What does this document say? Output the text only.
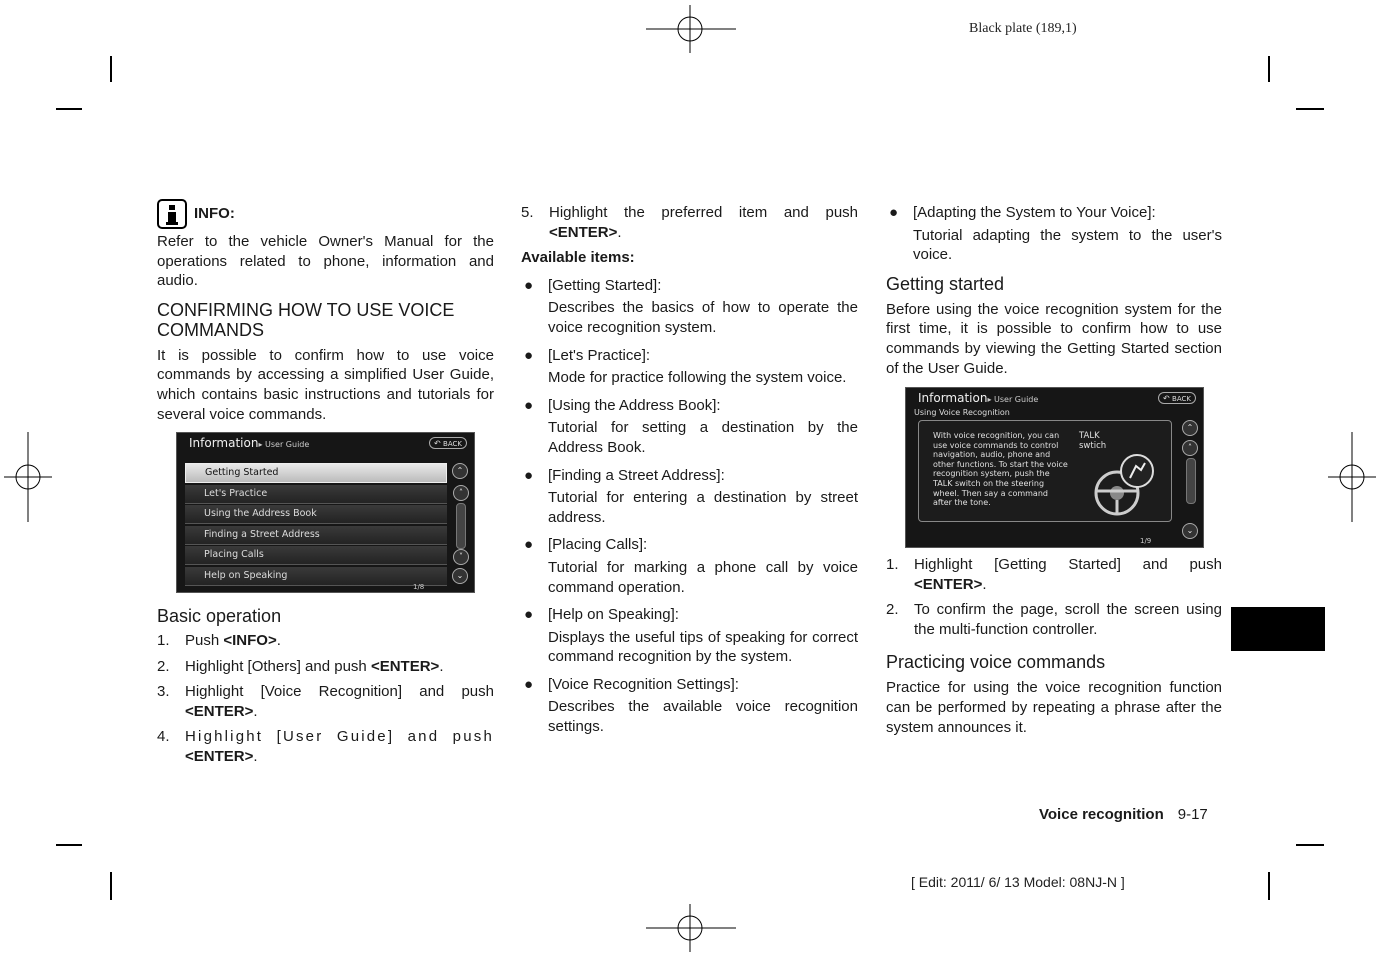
Black plate (189,1)
INFO:

Refer to the vehicle Owner's Manual for the operations related to phone, information and audio.

CONFIRMING HOW TO USE VOICE
COMMANDS

It is possible to confirm how to use voice commands by accessing a simplified User Guide, which contains basic instructions and tutorials for several voice commands.

Information▸ User Guide	↶ BACK
Getting Started
Let's Practice
Using the Address Book
Finding a Street Address
Placing Calls
Help on Speaking
⌃
˄
˅
⌄
1/8
Basic operation
1. Push <INFO>.
2. Highlight [Others] and push <ENTER>.
3. Highlight [Voice Recognition] and push <ENTER>.
4. Highlight [User Guide] and push <ENTER>.
5. Highlight the preferred item and push <ENTER>.
Available items:
● [Getting Started]:
Describes the basics of how to operate the voice recognition system.
● [Let's Practice]:
Mode for practice following the system voice.
● [Using the Address Book]:
Tutorial for setting a destination by the Address Book.
● [Finding a Street Address]:
Tutorial for entering a destination by street address.
● [Placing Calls]:
Tutorial for marking a phone call by voice command operation.
● [Help on Speaking]:
Displays the useful tips of speaking for correct command recognition by the system.
● [Voice Recognition Settings]:
Describes the available voice recognition settings.
● [Adapting the System to Your Voice]:
Tutorial adapting the system to the user's voice.
Getting started

Before using the voice recognition system for the first time, it is possible to confirm how to use commands by viewing the Getting Started section of the User Guide.

Information▸ User Guide	↶ BACK
Using Voice Recognition
With voice recognition, you can use voice commands to control navigation, audio, phone and other functions. To start the voice recognition system, push the TALK switch on the steering wheel. Then say a command after the tone.
TALK
swtich
⌃
˄
⌄
1/9
1. Highlight [Getting Started] and push <ENTER>.
2. To confirm the page, scroll the screen using the multi-function controller.
Practicing voice commands

Practice for using the voice recognition function can be performed by repeating a phrase after the system announces it.

Voice recognition 9-17
[ Edit: 2011/ 6/ 13 Model: 08NJ-N ]
